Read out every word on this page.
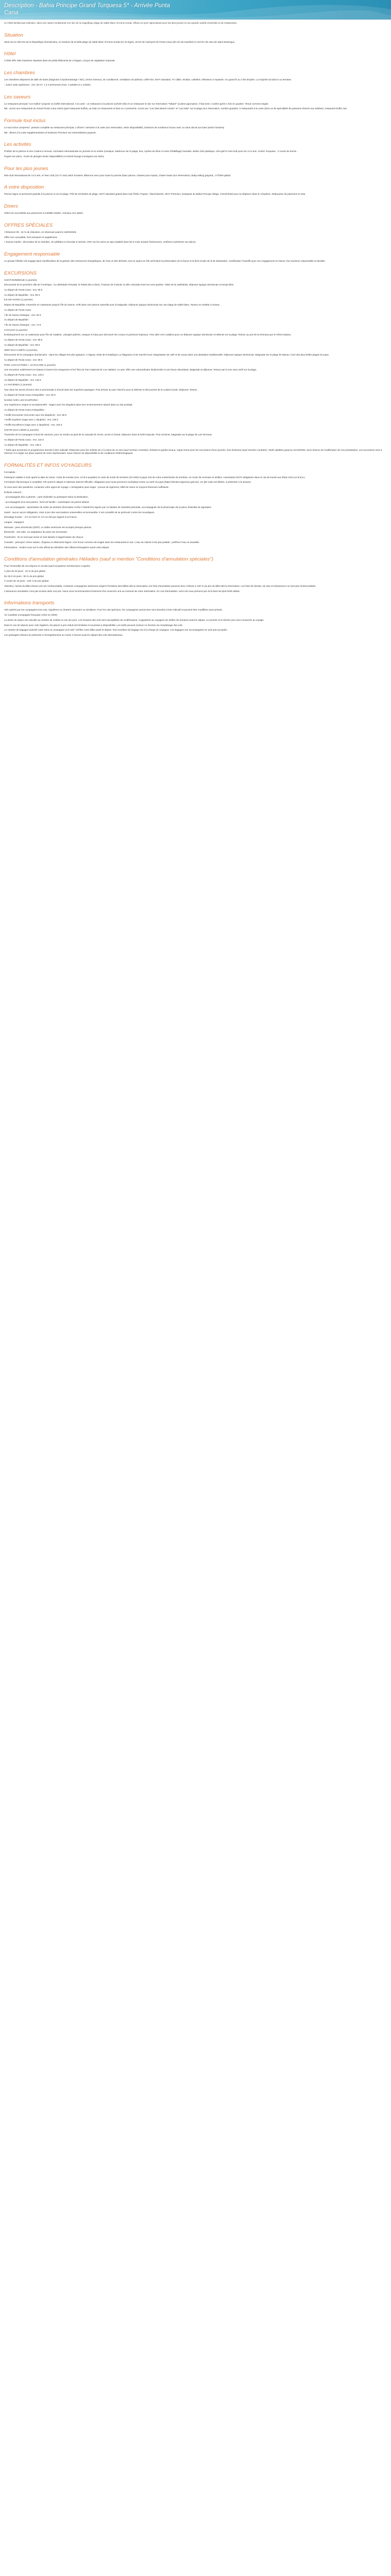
Description - Bahia Principe Grand Turquesa 5* - Arrivée Punta
Cana

Un hôtel familial pas ordinaire, dans une nature exubérante non loin de la magnifique plage de sable blanc d'Arena Gorda, offrant un pure rajeunissant pour les plus jeunes et une grande variété d'activités et de restauration.

Situation

Situé sur la côte Est de la République Dominicaine, en bordure de la belle plage de sable blanc d'Arena Gorda (en 2e ligne), 25 km de l'aéroport de Punta Cana (30 min de transfert) et 110 km de celui de Saint-Domingue.

Hôtel

L'hôtel offre 368 chambres réparties dans de petits bâtiments de 3 étages, conçus de végétation tropicale.

Les chambres

Les chambres disposent de salle de bains (baignoire à hydromassage / WC), sèche-cheveux, air conditionné, ventilateur de plafond, coffre-fort, Wi-Fi standard, TV câble, minibar, cafetière, téléviseur à repasser. Un grand lit ou 2 lits simples. La majorité du balcon ou terrasse.

- Junior suite supérieure : env. 63 m², 1 à 4 personnes (max. 3 adultes et 1 enfant).

Les saveurs

Le restaurant principal "Los Gallos" propose un buffet international. A la carte : un restaurant à la piscine (12h30-15h) et un restaurant le soir sur réservation "Tabaré" (cuisine japonaise). Il faut tenir 1 soirée après 1 fois en quartier. Tenue correcte exigée.

NB : accès aux restaurants du Grand Punta Cana voisin (quel restaurant buffet), au total 14 restaurants et bars en 4 premiers). Accès aux "Las Olas Beach House" et "Las Islas" sur la plage (sur réservation, nombre gratuite). 5 restaurants à la carte (dont un de spécialités de poissons réservé aux adultes), restaurant buffet, bar.

Formule tout inclus

Le tout inclus comprend : pension complète au restaurant principal, 2 dîners / semaine à la carte (sur réservation, selon disponibilité), boissons de nombreux locaux avec ou sans alcool aux bars (selon horaires).

NB : dîners à la carte supplémentaires et boissons Premium sur intermédiaires payants.

Les activités

Profitez de la piscine et ses 2 bains à remous. Animation internationale en journée et en soirée (musique, barbecue sur la plage, bus, Aprèss de dîner et soirs d'habillage) Karaoké, atelier d'art plastique, mini-golf et mini-club pour les 4-12 ans. Centre Turquesa : 2 courts de tennis...

Payant sur place : école de plongée (selon disponibilité) et vertical lounge (consignes sur sites).

Pour les plus jeunes

Mini-club international de 4-12 ans, et Teen club (13-17 ans) selon horaires. Biberons avec pour toute la journée (bain piscine, chaises pour repas), chaise haute (sur réservation). Baby-sitting (payant) ; à l'hôtel global.

A votre disposition

Piscine lagon et personnel gratuits à la piscine et sur la plage. Prêt de serviettes de plage. Wi-Fi standard gratuit dans tout l'hôtel. Payant : blanchisserie, Wi-Fi Premium, boutiques du Bahia Principe village. Victorinhotel pour se déplacer dans le complexe. Dédouaner de paiement et Visa.

Divers

Hôtel non accessible aux personnes à mobilité réduite. Animaux non admis.

OFFRES SPÉCIALES

• Réservez tôt : 15 % de réduction, en réservant avant le 15/03/2026.

Offre non cumulable, hors transport et supplément.

• Jeunes mariés : décoration de la chambre, vin pétillant et chocolat à l'arrivée, 20% sur les soins au Spa (valable dans les 6 mois suivant l'événement, certificat à présenter sur place).

Engagement responsable

Le groupe hôtelier est engagé dans l'amélioration de la gestion des ressources énergétiques, de l'eau et des déchets, tout en ayant un rôle actif dans la préservation de la faune et la flore locale de la de destination. Certification Travelife pour son engagement en faveur d'un tourisme responsable et durable.

EXCURSIONS

SAINT-DOMINGUE (1 journée)

Découverte de la première ville de l'Amérique : la cathédrale Primada, le Palais des Colons, l'Alcazar de Colomb, la ville coloniale entre les rues pavées. Visite de la cathédrale, déjeuner typique dominicain et temps libre.

Au départ de Punta Cana : env. 95 €

Au départ de Bayahibe : env. 85 €

ÎLE DE SAONA (1 journée)

Départ de Bayahibe, traversée en catamaran jusqu'à l'île de Saona. Arrêt dans une piscine naturelle pour la baignade. Déjeuner typique dominicain sur une plage de sable blanc. Retour en vedette à moteur.

Au départ de Punta Cana :

• Île de Saona classique : env. 82 €

Au départ de Bayahibe :

• Île de Saona classique : env. 73 €

CATALINA (1 journée)

Embarquement sur un catamaran pour l'île de Catalina : plongée palmes, masque et tuba pour découvrir les coraux et poissons tropicaux. Pour aller vers Catalina pour un déjeuner typique dominicain et détente sur la plage. Retour au port de la Romana par le même bateau.

Au départ de Punta Cana : env. 98 €

Au départ de Bayahibe : env. 88 €

JEEP ECO CAMPO (1 journée)

Découverte de la campagne dominicaine : dans les villages les plus typiques. A Higuey, visite de la basilique La Altagracia et du marché local. Dégustation de café et de cacao dans une plantation traditionnelle. Déjeuner typique dominicain. Baignade sur la plage de Macao, l'une des plus belles plages du pays.

Au départ de Punta Cana : env. 95 €

PARC LOS HAITISES + LE RACARE (1 journée)

Une excursion entièrement en bateau à travers les mangroves et les îlots du Parc National de Los Haitises. Le parc offre une extraordinaire biodiversité et une faune abondante. Baignade et déjeuner. Retour par la mer avec arrêt sur la plage.

Au départ de Punta Cana : env. 145 €

Au départ de Bayahibe : env. 145 €

LA HACIENDA (1 journée)

Tour dans les serres d'Uvero Alto et promenade à cheval dans les superbes paysages. Puis arrivée au parc Rancho pour la détente et découverte de la cuisine locale. Déjeuner. Retour.

Au départ de Punta Cana et Bayahibe : env. 60 €

NAGEZ AVEC LES DAUPHINS !

Une expérience unique et exceptionnelle : Nagez avec les dauphins dans leur environnement naturel dans un site protégé.

Au départ de Punta Cana et Bayahibe :

• Dolfin Encounter (rencontre avec les dauphins) : env. 95 €

• Dolfin Explorer (nage avec 1 dauphin) : env. 125 €

• Dolfin Excellence (nage avec 2 dauphins) : env. 164 €

SAFARI ECO LIMÓN (1 journée)

Traversée de la Campagne à bord de camions, pour se rendre au pied de la cascade El Limón, accès à cheval. Déjeuner dans la forêt tropicale. Pour terminer, baignade sur la plage de Las Terrenas.

Au départ de Punta Cana : env. 132 €

Au départ de Bayahibe : env. 135 €

* Tarifs (par personne) et programmes donnés à titre indicatif. Réduction pour les enfants de 2 à moins de 12 ans (sauf mention contraire). Enfants et guides locaux, repas inclus pour les excursions d'une journée, hors boissons (sauf mention contraire). Tarifs valables jusqu'au 31/10/2026, sous réserve de modification de nos prestataires. Les excursions sont à réserver et à régler sur place auprès de notre représentant. Sous réserve de disponibilité et de conditions météorologiques.

FORMALITÉS ET INFOS VOYAGEURS

Formalités :

Passeport valable 6 mois après la date du retour. Carte de touriste (env. 10 $ à acquitter) et carte de sortie de territoire (20 USD) à payer lors de votre entrée/sortie du territoire, se munir de monnaie en dollars. Autorisation ESTA obligatoire dans le cas de transit aux États-Unis (14 $ env.).

Formulaire électronique à compléter 72h avant le départ à l'adresse internet officielle, obligatoire pour toute personne souhaitant entrer ou sortir du pays (https://eticket.migracion.gob.do). Un QR code est délivré, à présenter à la douane.

Si vous avez des questions, contactez votre agent de voyage. L'immigration peut exiger : preuve de logement, billet de retour et moyens financiers suffisants.

Enfants mineurs :

- accompagnés des 2 parents : carte d'identité ou passeport selon la destination.

- accompagnés d'un seul parent : livret de famille + autorisation du parent absent.

- non accompagnés : autorisation de sortie du territoire (formulaire Cerfa n°15646*01) signée par un titulaire de l'autorité parentale, accompagnée de la photocopie de la pièce d'identité du signataire.

Santé : aucun vaccin obligatoire, mise à jour des vaccinations universelles recommandée. Il est conseillé de se prémunir contre les moustiques.

Décalage horaire : -5 h en hiver et -6 h en été par rapport à la France.

Langue : espagnol.

Monnaie : peso dominicain (DOP). Le dollar américain est accepté presque partout.

Électricité : 110 volts. Un adaptateur de prise est nécessaire.

Pourboires : ils ne sont pas inclus et sont laissés à l'appréciation de chacun.

Conseils : prévoyez crème solaire, chapeau et vêtements légers. Une tenue correcte est exigée dans les restaurants le soir. L'eau du robinet n'est pas potable ; préférez l'eau en bouteille.

Informations : rendez-vous sur le site officiel du Ministère des Affaires Étrangères avant votre départ.

Conditions d'annulation générales Héliades (sauf si mention "Conditions d'annulation spéciales")

Pour l'ensemble de nos séjours et circuits (sauf exceptions mentionnées ci-après) :

À plus de 30 jours : 15 % du prix global

De 30 à 15 jours : 50 % du prix global

À moins de 15 jours : 100 % du prix global

Attention, l'achat du billet d'avion est non remboursable. Certaines compagnies aériennes exigent l'émission des billets dès la réservation, les frais d'annulation peuvent donc s'élever à 100 % du prix du billet dès la réservation. Les frais de dossier, de visa et d'assurance ne sont pas remboursables.

L'assurance annulation n'est pas incluse dans nos prix. Nous vous recommandons fortement d'en souscrire une au moment de votre réservation. En cas d'annulation, merci de nous prévenir par écrit dans les plus brefs délais.

Informations transports

Vols opérés par les compagnies low-cost, régulières ou charters suivantes ou similaires. Pour les vols spéciaux, les compagnies annoncées sont données à titre indicatif et peuvent être modifiées sans préavis.

Air Caraïbes (compagnie française créée en 2000)

La durée du séjour est calculée au nombre de nuitées et non de jours. Les horaires des vols sont susceptibles de modifications, il appartient au voyageur de vérifier les horaires avant le départ. Le premier et le dernier jour sont consacrés au voyage.

Dans le cas de séjours avec vols réguliers, les places à prix réduit sont limitées et soumises à disponibilité. Les tarifs peuvent évoluer en fonction du remplissage des vols.

Le nombre de bagages autorisé varie selon la compagnie et le tarif. Vérifiez votre billet avant le départ. Tout excédent de bagage est à la charge du voyageur. Les bagages non accompagnés ne sont pas acceptés.

Les passagers doivent se présenter à l'enregistrement au moins 3 heures avant le départ des vols internationaux.
